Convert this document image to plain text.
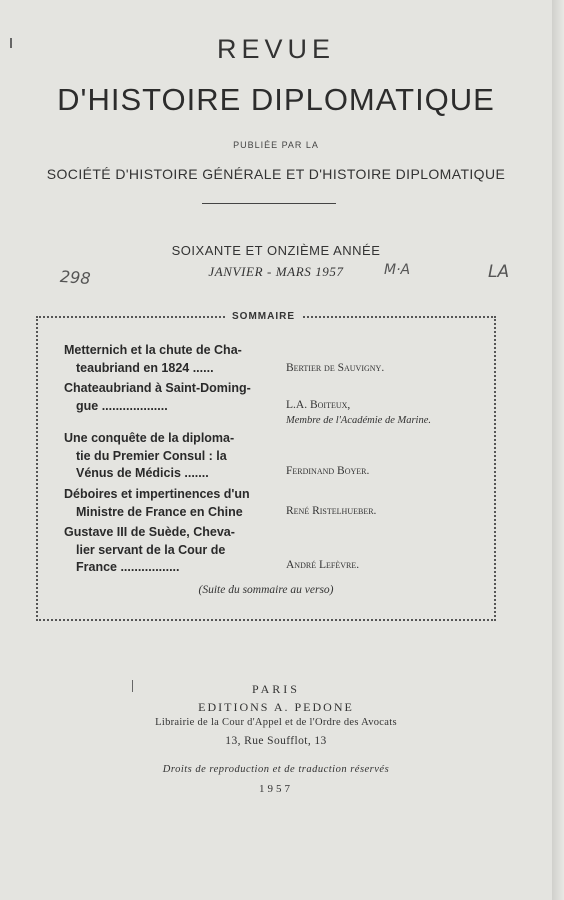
REVUE
D'HISTOIRE DIPLOMATIQUE
PUBLIÉE PAR LA
SOCIÉTÉ D'HISTOIRE GÉNÉRALE ET D'HISTOIRE DIPLOMATIQUE
SOIXANTE ET ONZIÈME ANNÉE
JANVIER - MARS 1957
298	M·A	LA
SOMMAIRE
Metternich et la chute de Cha-
teaubriand en 1824 ......	Bertier de Sauvigny.
Chateaubriand à Saint-Doming-
gue ...................	L.A. Boiteux,
Membre de l'Académie de Marine.
Une conquête de la diploma-
tie du Premier Consul : la
Vénus de Médicis .......	Ferdinand Boyer.
Déboires et impertinences d'un
Ministre de France en Chine	René Ristelhueber.
Gustave III de Suède, Cheva-
lier servant de la Cour de
France .................	André Lefèvre.
(Suite du sommaire au verso)
PARIS
EDITIONS A. PEDONE
Librairie de la Cour d'Appel et de l'Ordre des Avocats
13, Rue Soufflot, 13
Droits de reproduction et de traduction réservés
1957
